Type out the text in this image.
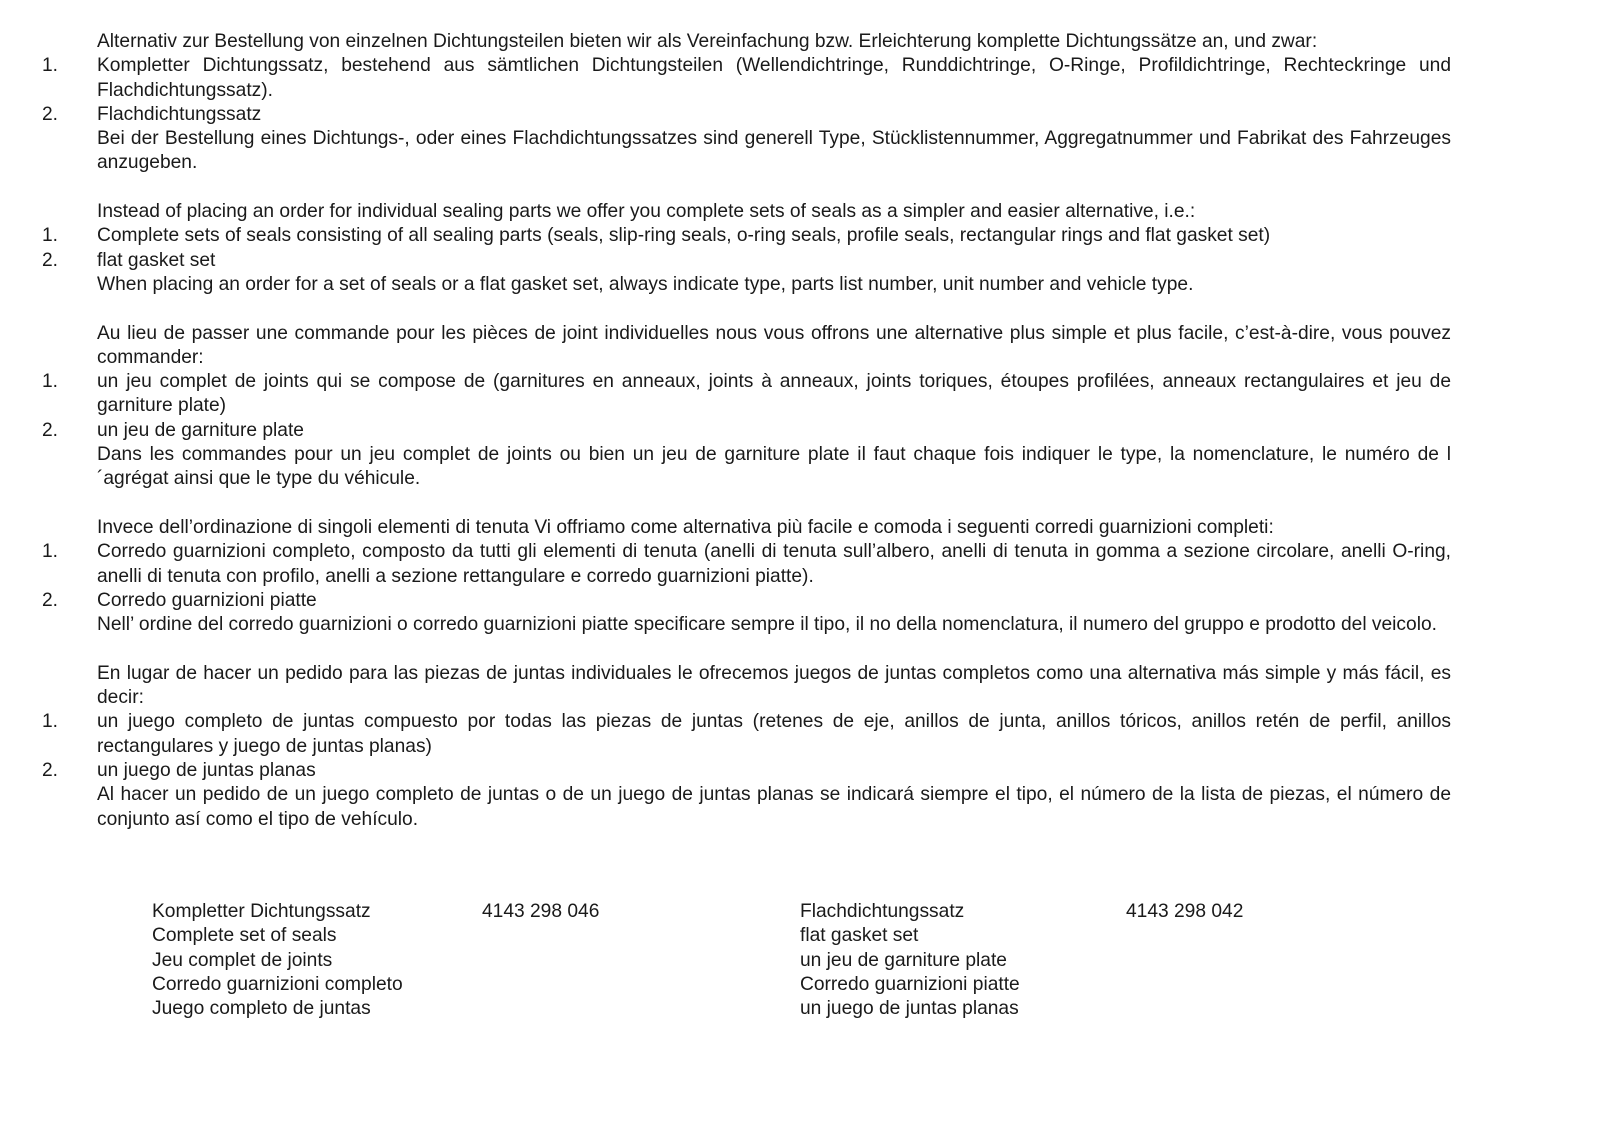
Alternativ zur Bestellung von einzelnen Dichtungsteilen bieten wir als Vereinfachung bzw. Erleichterung komplette Dichtungssätze an, und zwar:
1. Kompletter Dichtungssatz, bestehend aus sämtlichen Dichtungsteilen (Wellendichtringe, Runddichtringe, O-Ringe, Profildichtringe, Rechteckringe und Flachdichtungssatz).
2. Flachdichtungssatz
Bei der Bestellung eines Dichtungs-, oder eines Flachdichtungssatzes sind generell Type, Stücklistennummer, Aggregatnummer und Fabrikat des Fahrzeuges anzugeben.
Instead of placing an order for individual sealing parts we offer you complete sets of seals as a simpler and easier alternative, i.e.:
1. Complete sets of seals consisting of all sealing parts (seals, slip-ring seals, o-ring seals, profile seals, rectangular rings and flat gasket set)
2. flat gasket set
When placing an order for a set of seals or a flat gasket set, always indicate type, parts list number, unit number and vehicle type.
Au lieu de passer une commande pour les pièces de joint individuelles nous vous offrons une alternative plus simple et plus facile, c’est-à-dire, vous pouvez commander:
1. un jeu complet de joints qui se compose de (garnitures en anneaux, joints à anneaux, joints toriques, étoupes profilées, anneaux rectangulaires et jeu de garniture plate)
2. un jeu de garniture plate
Dans les commandes pour un jeu complet de joints ou bien un jeu de garniture plate il faut chaque fois indiquer le type, la nomenclature, le numéro de l´agrégat ainsi que le type du véhicule.
Invece dell’ordinazione di singoli elementi di tenuta Vi offriamo come alternativa più facile e comoda i seguenti corredi guarnizioni completi:
1. Corredo guarnizioni completo, composto da tutti gli elementi di tenuta (anelli di tenuta sull’albero, anelli di tenuta in gomma a sezione circolare, anelli O-ring, anelli di tenuta con profilo, anelli a sezione rettangulare e corredo guarnizioni piatte).
2. Corredo guarnizioni piatte
Nell’ ordine del corredo guarnizioni o corredo guarnizioni piatte specificare sempre il tipo, il no della nomenclatura, il numero del gruppo e prodotto del veicolo.
En lugar de hacer un pedido para las piezas de juntas individuales le ofrecemos juegos de juntas completos como una alternativa más simple y más fácil, es decir:
1. un juego completo de juntas compuesto por todas las piezas de juntas (retenes de eje, anillos de junta, anillos tóricos, anillos retén de perfil, anillos rectangulares y juego de juntas planas)
2. un juego de juntas planas
Al hacer un pedido de un juego completo de juntas o de un juego de juntas planas se indicará siempre el tipo, el número de la lista de piezas, el número de conjunto así como el tipo de vehículo.
Kompletter Dichtungssatz
Complete set of seals
Jeu complet de joints
Corredo guarnizioni completo
Juego completo de juntas
4143 298 046	Flachdichtungssatz
flat gasket set
un jeu de garniture plate
Corredo guarnizioni piatte
un juego de juntas planas
4143 298 042
